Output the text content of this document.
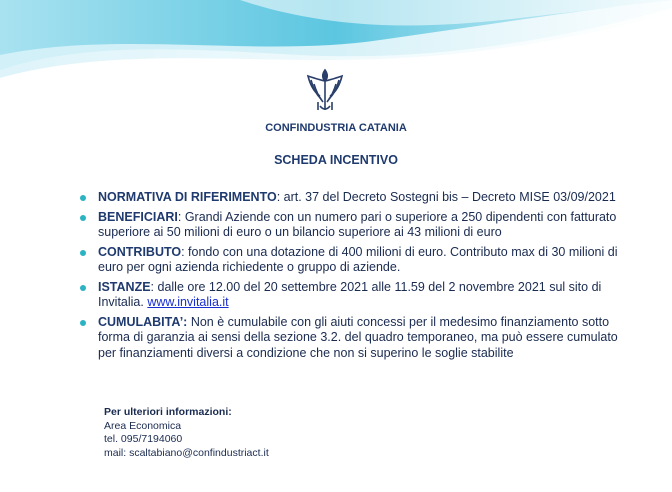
CONFINDUSTRIA CATANIA
SCHEDA INCENTIVO
NORMATIVA DI RIFERIMENTO: art. 37 del Decreto Sostegni bis – Decreto MISE 03/09/2021
BENEFICIARI: Grandi Aziende con un numero pari o superiore a 250 dipendenti con fatturato superiore ai 50 milioni di euro o un bilancio superiore ai 43 milioni di euro
CONTRIBUTO: fondo con una dotazione di 400 milioni di euro. Contributo max di 30 milioni di euro per ogni azienda richiedente o gruppo di aziende.
ISTANZE: dalle ore 12.00 del 20 settembre 2021 alle 11.59 del 2 novembre 2021 sul sito di Invitalia. www.invitalia.it
CUMULABITA’: Non è cumulabile con gli aiuti concessi per il medesimo finanziamento sotto forma di garanzia ai sensi della sezione 3.2. del quadro temporaneo, ma può essere cumulato per finanziamenti diversi a condizione che non si superino le soglie stabilite
Per ulteriori informazioni:
Area Economica
tel. 095/7194060
mail: scaltabiano@confindustriact.it
